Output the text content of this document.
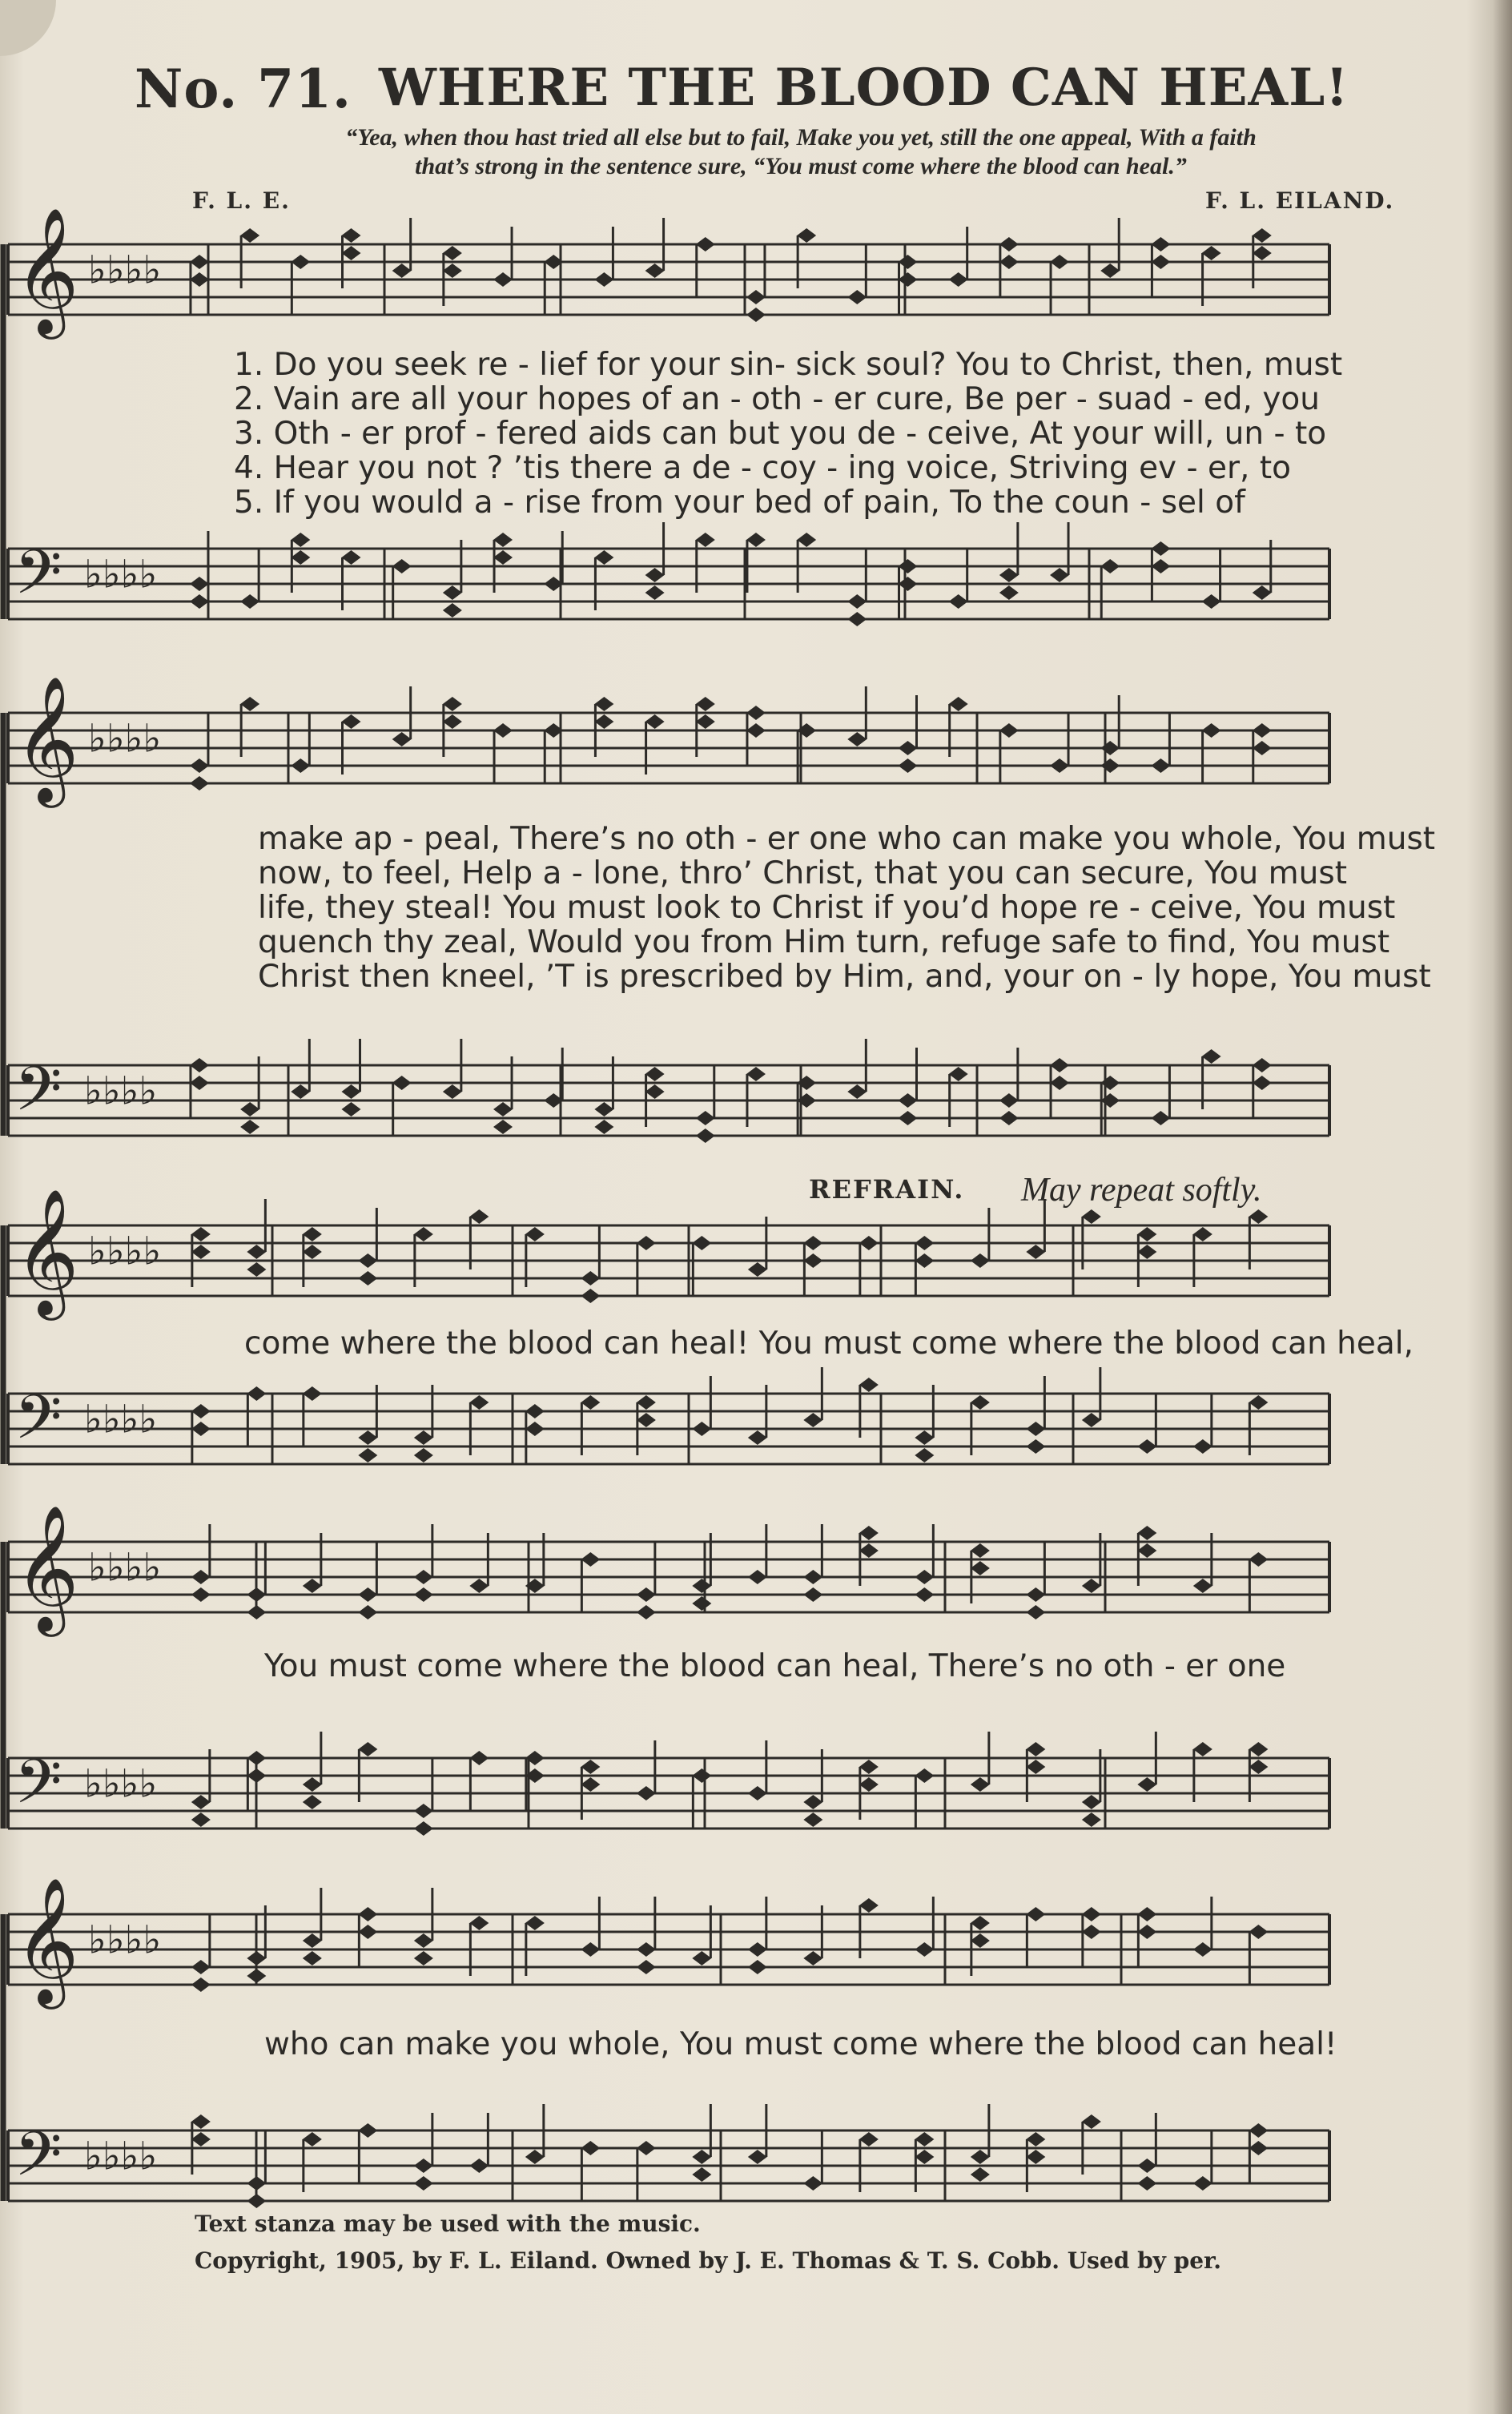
No. 71. WHERE THE BLOOD CAN HEAL!
“Yea, when thou hast tried all else but to fail, Make you yet, still the one appeal, With a faith
that’s strong in the sentence sure, “You must come where the blood can heal.”
F. L. E.	F. L. EILAND.
𝄞 ♭♭♭♭
𝄢 ♭♭♭♭
𝄞 ♭♭♭♭
𝄢 ♭♭♭♭
𝄞 ♭♭♭♭
𝄢 ♭♭♭♭
𝄞 ♭♭♭♭
𝄢 ♭♭♭♭
𝄞 ♭♭♭♭
𝄢 ♭♭♭♭
1. Do you seek re - lief for your sin- sick soul? You to Christ, then, must
2. Vain are all your hopes of an - oth - er cure, Be per - suad - ed, you
3. Oth - er prof - fered aids can but you de - ceive, At your will, un - to
4. Hear you not ? ’tis there a de - coy - ing voice, Striving ev - er, to
5. If you would a - rise from your bed of pain, To the coun - sel of
make ap - peal, There’s no oth - er one who can make you whole, You must
now, to feel, Help a - lone, thro’ Christ, that you can secure, You must
life, they steal! You must look to Christ if you’d hope re - ceive, You must
quench thy zeal, Would you from Him turn, refuge safe to find, You must
Christ then kneel, ’T is prescribed by Him, and, your on - ly hope, You must
REFRAIN. May repeat softly.
come where the blood can heal! You must come where the blood can heal,
You must come where the blood can heal, There’s no oth - er one
who can make you whole, You must come where the blood can heal!
Text stanza may be used with the music.
Copyright, 1905, by F. L. Eiland. Owned by J. E. Thomas & T. S. Cobb. Used by per.
